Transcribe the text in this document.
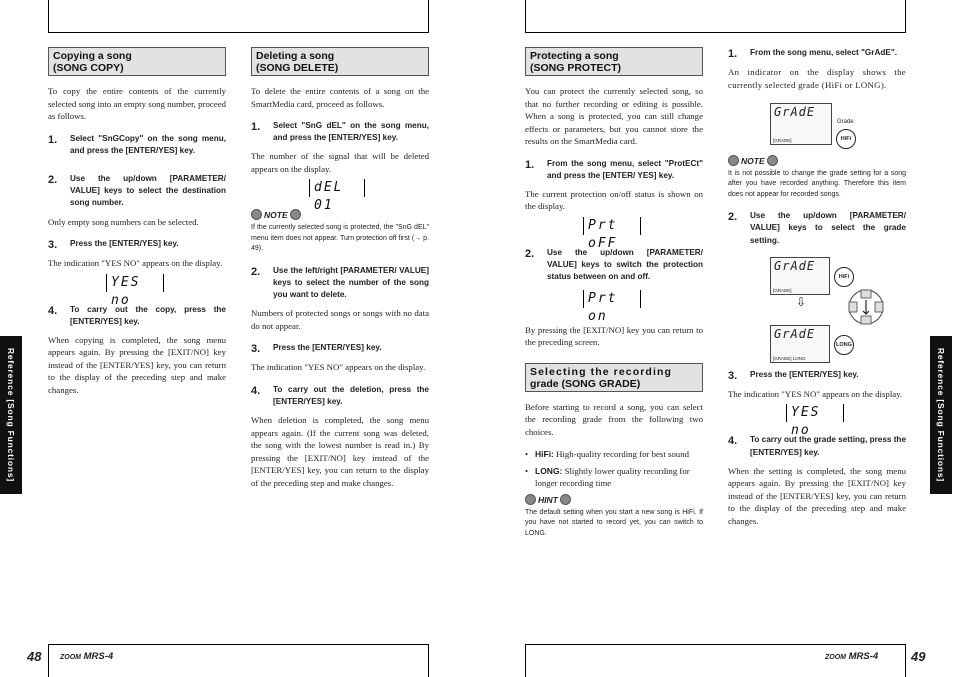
Reference [Song Functions]	Reference [Song Functions]
Copying a song
(SONG COPY)

To copy the entire contents of the currently selected song into an empty song number, proceed as follows.

1.	Select "SnGCopy" on the song menu, and press the [ENTER/YES] key.
2.	Use the up/down [PARAMETER/ VALUE] keys to select the destination song number.

Only empty song numbers can be selected.

3.	Press the [ENTER/YES] key.

The indication "YES NO" appears on the display.

YES no
4.	To carry out the copy, press the [ENTER/YES] key.

When copying is completed, the song menu appears again. By pressing the [EXIT/NO] key instead of the [ENTER/YES] key, you can return to the display of the preceding step and make changes.

Deleting a song
(SONG DELETE)

To delete the entire contents of a song on the SmartMedia card, proceed as follows.

1.	Select "SnG dEL" on the song menu, and press the [ENTER/YES] key.

The number of the signal that will be deleted appears on the display.

dEL 01
NOTE

If the currently selected song is protected, the "SnG dEL" menu item does not appear. Turn protection off first (→ p. 49).

2.	Use the left/right [PARAMETER/ VALUE] keys to select the number of the song you want to delete.

Numbers of protected songs or songs with no data do not appear.

3.	Press the [ENTER/YES] key.

The indication "YES NO" appears on the display.

4.	To carry out the deletion, press the [ENTER/YES] key.

When deletion is completed, the song menu appears again. (If the current song was deleted, the song with the lowest number is read in.) By pressing the [EXIT/NO] key instead of the [ENTER/YES] key, you can return to the display of the preceding step and make changes.

Protecting a song
(SONG PROTECT)

You can protect the currently selected song, so that no further recording or editing is possible. When a song is protected, you can still change effects or parameters, but you cannot store the results on the SmartMedia card.

1.	From the song menu, select "ProtECt" and press the [ENTER/ YES] key.

The current protection on/off status is shown on the display.

Prt oFF
2.	Use the up/down [PARAMETER/ VALUE] keys to switch the protection status between on and off.
Prt on

By pressing the [EXIT/NO] key you can return to the preceding screen.

Selecting the recording
grade (SONG GRADE)

Before starting to record a song, you can select the recording grade from the following two choices.

• HiFi: High-quality recording for best sound
• LONG: Slightly lower quality recording for longer recording time
HINT

The default setting when you start a new song is HiFi. If you have not started to record yet, you can switch to LONG.

1.	From the song menu, select "GrAdE".

An indicator on the display shows the currently selected grade (HiFi or LONG).

GrAdE
[GRADE]
Grade
HiFi
NOTE

It is not possible to change the grade setting for a song after you have recorded anything. Therefore this item does not appear for recorded songs.

2.	Use the up/down [PARAMETER/ VALUE] keys to select the grade setting.
GrAdE
[GRADE]
HiFi
⇩
GrAdE
[GRADE] LONG
LONG
3.	Press the [ENTER/YES] key.

The indication "YES NO" appears on the display.

YES no
4.	To carry out the grade setting, press the [ENTER/YES] key.

When the setting is completed, the song menu appears again. By pressing the [EXIT/NO] key instead of the [ENTER/YES] key, you can return to the display of the preceding step and make changes.

48	ZOOM MRS-4	ZOOM MRS-4	49
